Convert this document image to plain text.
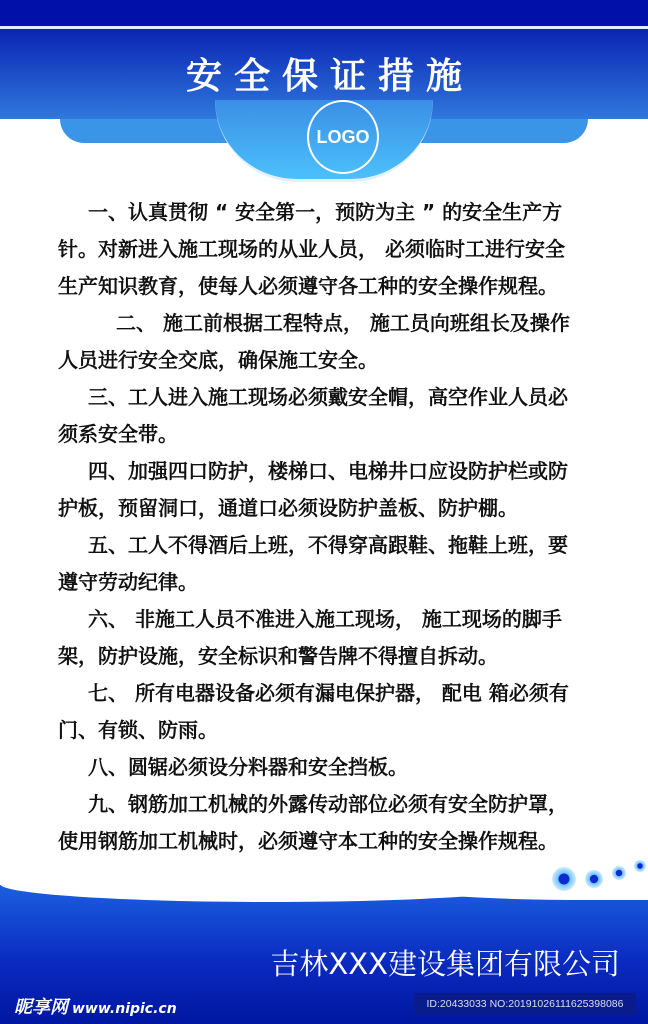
安全保证措施
LOGO
一、认真贯彻 “ 安全第一，预防为主 ” 的安全生产方
针。对新进入施工现场的从业人员， 必须临时工进行安全
生产知识教育，使每人必须遵守各工种的安全操作规程。
二、 施工前根据工程特点， 施工员向班组长及操作
人员进行安全交底，确保施工安全。
三、工人进入施工现场必须戴安全帽，高空作业人员必
须系安全带。
四、加强四口防护，楼梯口、电梯井口应设防护栏或防
护板，预留洞口，通道口必须设防护盖板、防护棚。
五、工人不得酒后上班，不得穿高跟鞋、拖鞋上班，要
遵守劳动纪律。
六、 非施工人员不准进入施工现场， 施工现场的脚手
架，防护设施，安全标识和警告牌不得擅自拆动。
七、 所有电器设备必须有漏电保护器， 配电 箱必须有
门、有锁、防雨。
八、圆锯必须设分料器和安全挡板。
九、钢筋加工机械的外露传动部位必须有安全防护罩，
使用钢筋加工机械时，必须遵守本工种的安全操作规程。
吉林XXX建设集团有限公司
昵享网 www.nipic.cn	ID:20433033 NO:20191026111625398086
